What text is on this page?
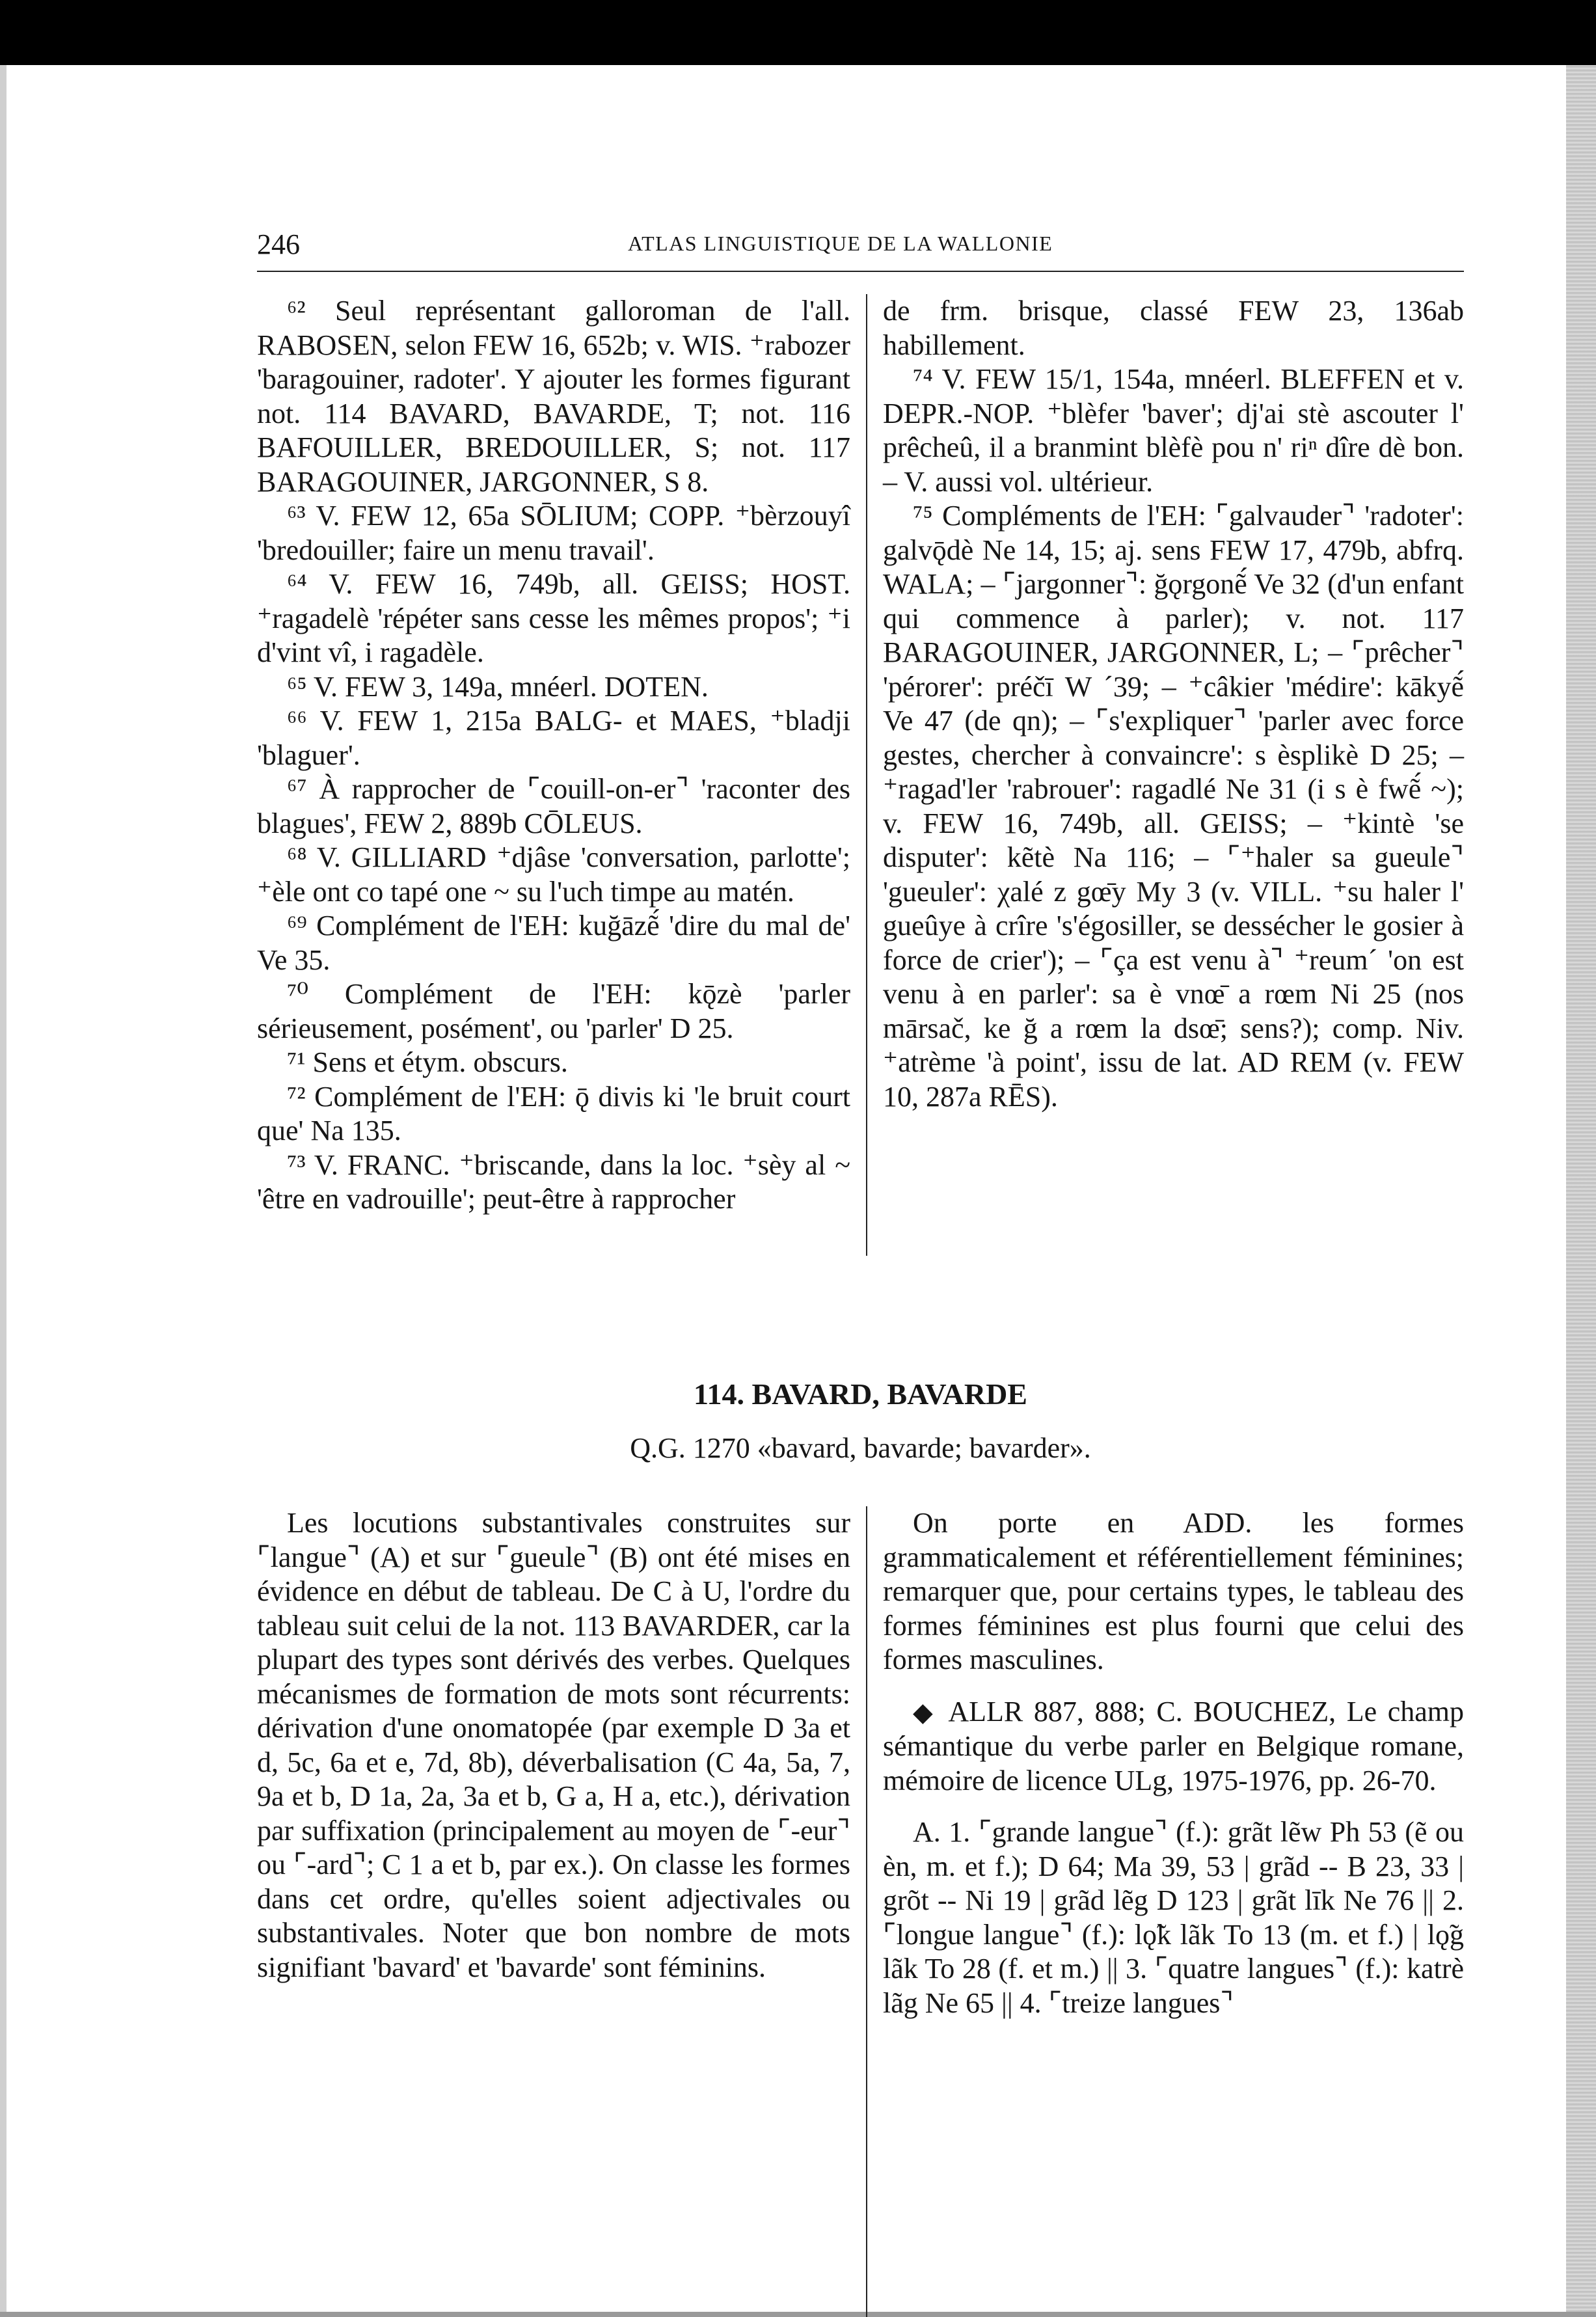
246	ATLAS LINGUISTIQUE DE LA WALLONIE

⁶² Seul représentant galloroman de l'all. RABOSEN, selon FEW 16, 652b; v. WIS. ⁺rabozer 'baragouiner, radoter'. Y ajouter les formes figurant not. 114 BAVARD, BAVARDE, T; not. 116 BAFOUILLER, BREDOUILLER, S; not. 117 BARAGOUINER, JARGONNER, S 8.

⁶³ V. FEW 12, 65a SŌLIUM; COPP. ⁺bèrzouyî 'bredouiller; faire un menu travail'.

⁶⁴ V. FEW 16, 749b, all. GEISS; HOST. ⁺ragadelè 'répéter sans cesse les mêmes propos'; ⁺i d'vint vî, i ragadèle.

⁶⁵ V. FEW 3, 149a, mnéerl. DOTEN.

⁶⁶ V. FEW 1, 215a BALG- et MAES, ⁺bladji 'blaguer'.

⁶⁷ À rapprocher de ⌜couill-on-er⌝ 'raconter des blagues', FEW 2, 889b CŌLEUS.

⁶⁸ V. GILLIARD ⁺djâse 'conversation, parlotte'; ⁺èle ont co tapé one ~ su l'uch timpe au matén.

⁶⁹ Complément de l'EH: kuğāzẽ́ 'dire du mal de' Ve 35.

⁷⁰ Complément de l'EH: kǭzè 'parler sérieusement, posément', ou 'parler' D 25.

⁷¹ Sens et étym. obscurs.

⁷² Complément de l'EH: ǭ divis ki 'le bruit court que' Na 135.

⁷³ V. FRANC. ⁺briscande, dans la loc. ⁺sèy al ~ 'être en vadrouille'; peut-être à rapprocher

de frm. brisque, classé FEW 23, 136ab habillement.

⁷⁴ V. FEW 15/1, 154a, mnéerl. BLEFFEN et v. DEPR.-NOP. ⁺blèfer 'baver'; dj'ai stè ascouter l' prêcheû, il a branmint blèfè pou n' riⁿ dîre dè bon. – V. aussi vol. ultérieur.

⁷⁵ Compléments de l'EH: ⌜galvauder⌝ 'radoter': galvǭdè Ne 14, 15; aj. sens FEW 17, 479b, abfrq. WALA; – ⌜jargonner⌝: ğǫrgonẽ́ Ve 32 (d'un enfant qui commence à parler); v. not. 117 BARAGOUINER, JARGONNER, L; – ⌜prêcher⌝ 'pérorer': préčī W ´39; – ⁺câkier 'médire': kākyẽ́ Ve 47 (de qn); – ⌜s'expliquer⌝ 'parler avec force gestes, chercher à convaincre': s èsplikè D 25; – ⁺ragad'ler 'rabrouer': ragadlé Ne 31 (i s è fwẽ́ ~); v. FEW 16, 749b, all. GEISS; – ⁺kintè 'se disputer': kẽtè Na 116; – ⌜⁺haler sa gueule⌝ 'gueuler': χalé z gœ̄y My 3 (v. VILL. ⁺su haler l' gueûye à crîre 's'égosiller, se dessécher le gosier à force de crier'); – ⌜ça est venu à⌝ ⁺reum´ 'on est venu à en parler': sa è vnœ̄ a rœm Ni 25 (nos mārsač, ke ğ a rœm la dsœ̄; sens?); comp. Niv. ⁺atrème 'à point', issu de lat. AD REM (v. FEW 10, 287a RĒS).

114. BAVARD, BAVARDE
Q.G. 1270 «bavard, bavarde; bavarder».

Les locutions substantivales construites sur ⌜langue⌝ (A) et sur ⌜gueule⌝ (B) ont été mises en évidence en début de tableau. De C à U, l'ordre du tableau suit celui de la not. 113 BAVARDER, car la plupart des types sont dérivés des verbes. Quelques mécanismes de formation de mots sont récurrents: dérivation d'une onomatopée (par exemple D 3a et d, 5c, 6a et e, 7d, 8b), déverbalisation (C 4a, 5a, 7, 9a et b, D 1a, 2a, 3a et b, G a, H a, etc.), dérivation par suffixation (principalement au moyen de ⌜-eur⌝ ou ⌜-ard⌝; C 1 a et b, par ex.). On classe les formes dans cet ordre, qu'elles soient adjectivales ou substantivales. Noter que bon nombre de mots signifiant 'bavard' et 'bavarde' sont féminins.

On porte en ADD. les formes grammaticalement et référentiellement féminines; remarquer que, pour certains types, le tableau des formes féminines est plus fourni que celui des formes masculines.

◆ ALLR 887, 888; C. BOUCHEZ, Le champ sémantique du verbe parler en Belgique romane, mémoire de licence ULg, 1975-1976, pp. 26-70.

A. 1. ⌜grande langue⌝ (f.): grãt lẽw Ph 53 (ẽ ou èn, m. et f.); D 64; Ma 39, 53 | grãd -- B 23, 33 | grõt -- Ni 19 | grãd lẽg D 123 | grãt līk Ne 76 || 2. ⌜longue langue⌝ (f.): lǫ̃k lãk To 13 (m. et f.) | lǫ̃g lãk To 28 (f. et m.) || 3. ⌜quatre langues⌝ (f.): katrè lãg Ne 65 || 4. ⌜treize langues⌝
